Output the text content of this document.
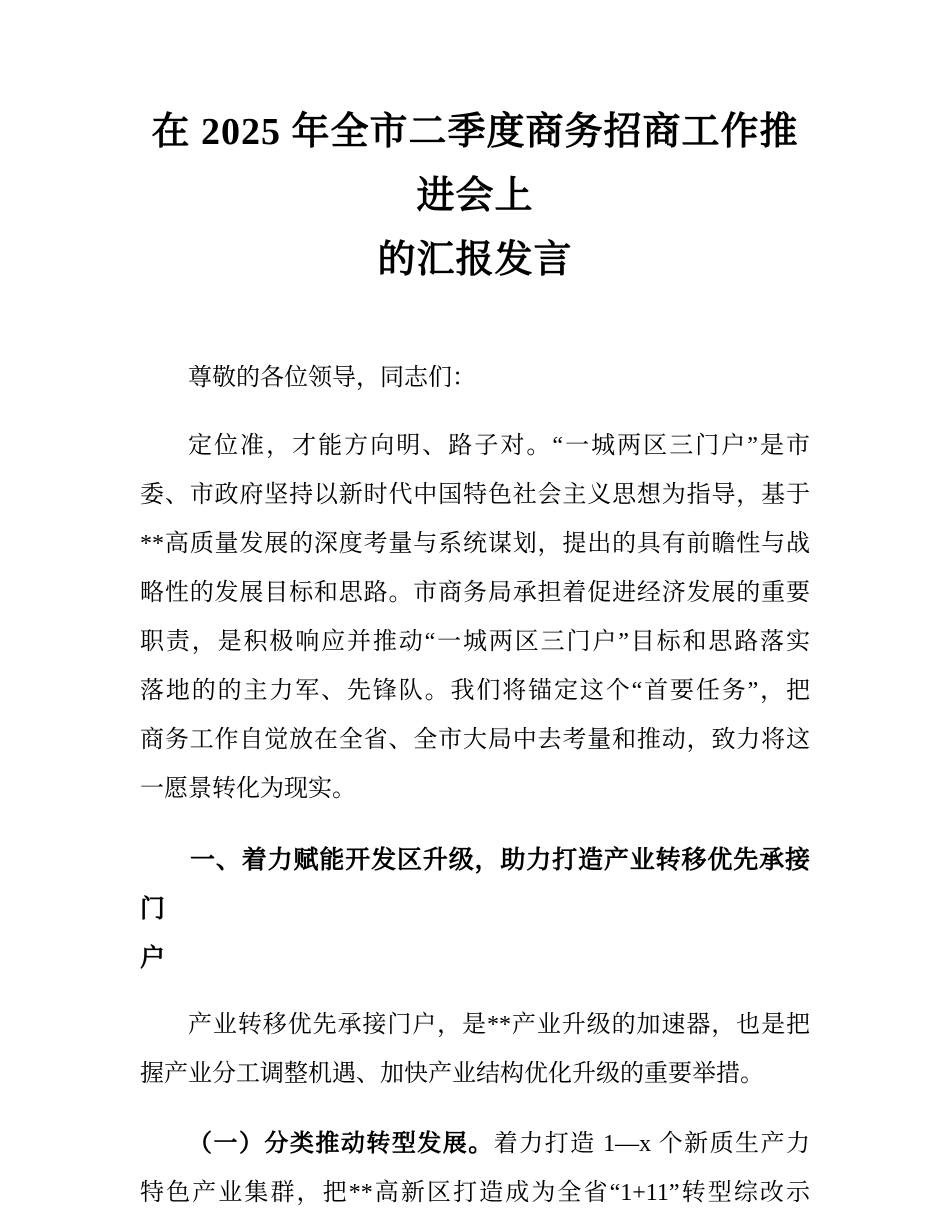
在 2025 年全市二季度商务招商工作推进会上
的汇报发言
尊敬的各位领导，同志们：
定位准，才能方向明、路子对。“一城两区三门户”是市
委、市政府坚持以新时代中国特色社会主义思想为指导，基于
**高质量发展的深度考量与系统谋划，提出的具有前瞻性与战
略性的发展目标和思路。市商务局承担着促进经济发展的重要
职责，是积极响应并推动“一城两区三门户”目标和思路落实
落地的的主力军、先锋队。我们将锚定这个“首要任务”，把
商务工作自觉放在全省、全市大局中去考量和推动，致力将这
一愿景转化为现实。
一、着力赋能开发区升级，助力打造产业转移优先承接门
户
产业转移优先承接门户，是**产业升级的加速器，也是把
握产业分工调整机遇、加快产业结构优化升级的重要举措。
（一）分类推动转型发展。着力打造 1—x 个新质生产力
特色产业集群，把**高新区打造成为全省“1+11”转型综改示
